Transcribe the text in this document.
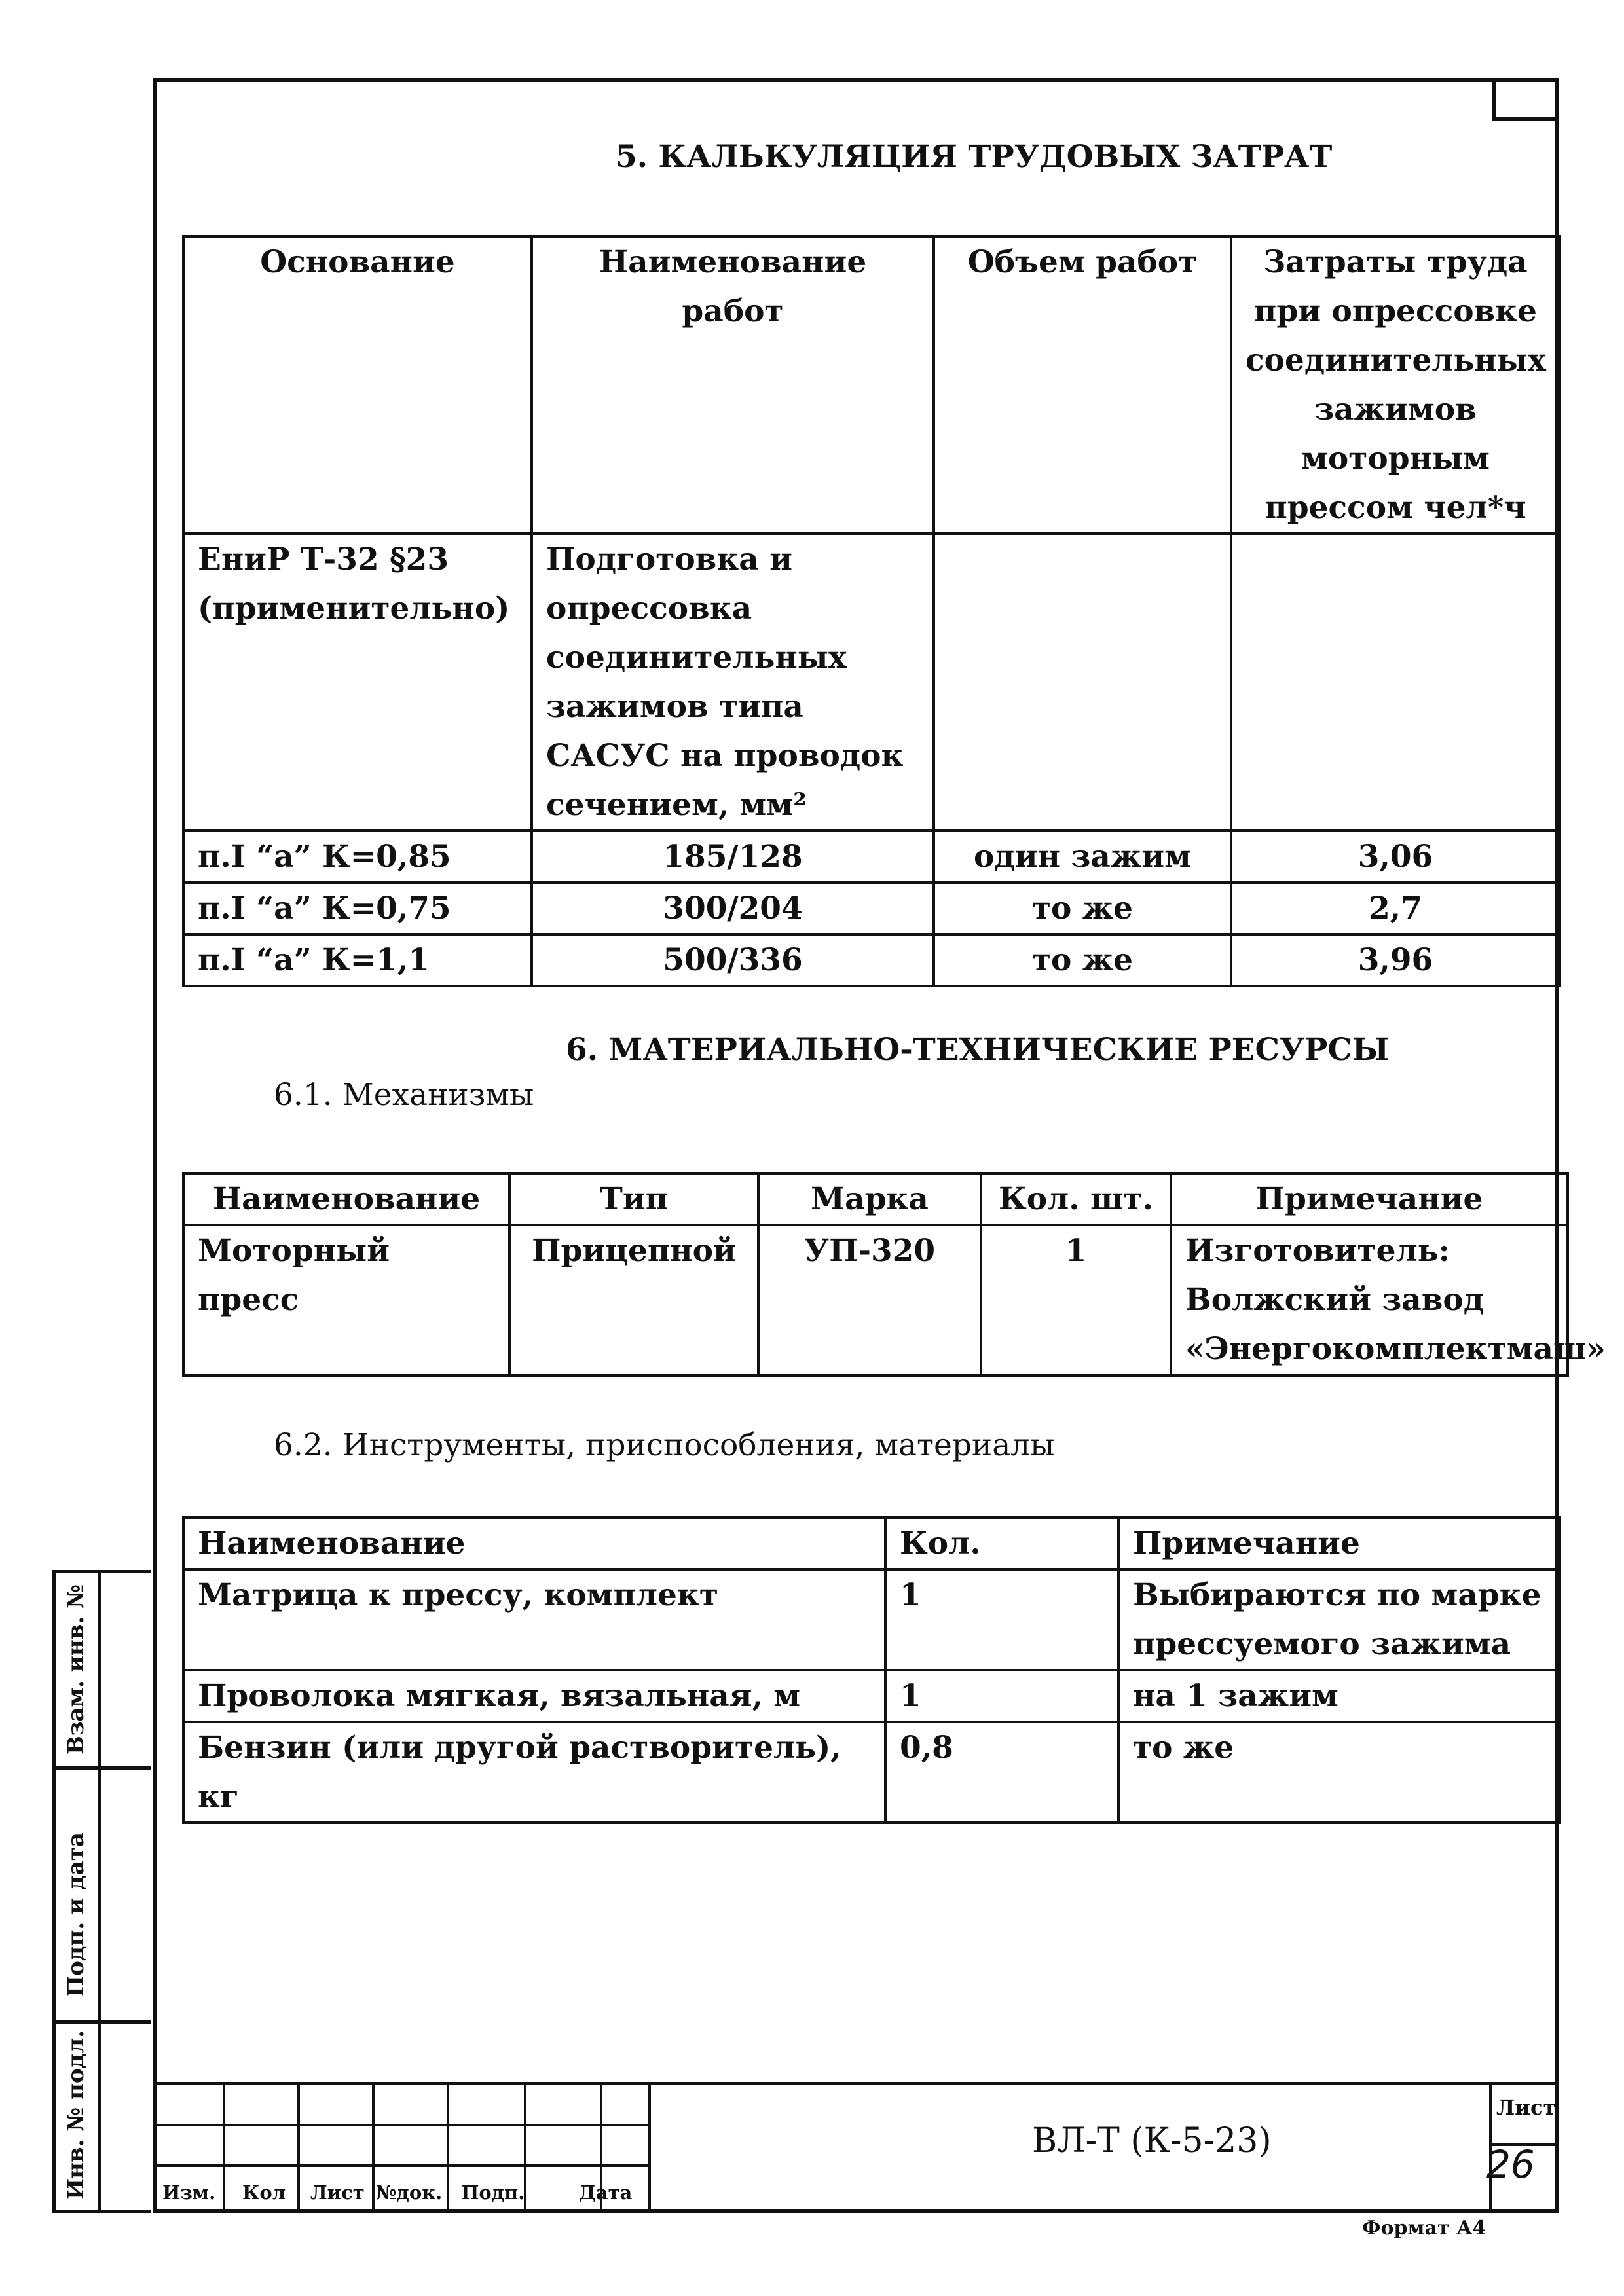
5. КАЛЬКУЛЯЦИЯ ТРУДОВЫХ ЗАТРАТ
Основание	Наименование работ	Объем работ	Затраты труда при опрессовке соединительных зажимов моторным прессом чел*ч
ЕниР Т-32 §23 (применительно)	Подготовка и опрессовка соединительных зажимов типа САСУС на проводок сечением, мм²		
п.I “а” К=0,85	185/128	один зажим	3,06
п.I “а” К=0,75	300/204	то же	2,7
п.I “а” К=1,1	500/336	то же	3,96
6. МАТЕРИАЛЬНО-ТЕХНИЧЕСКИЕ РЕСУРСЫ
6.1. Механизмы
Наименование	Тип	Марка	Кол. шт.	Примечание
Моторный пресс	Прицепной	УП-320	1	Изготовитель: Волжский завод «Энергокомплектмаш»
6.2. Инструменты, приспособления, материалы
Наименование	Кол.	Примечание
Матрица к прессу, комплект	1	Выбираются по марке прессуемого зажима
Проволока мягкая, вязальная, м	1	на 1 зажим
Бензин (или другой растворитель), кг	0,8	то же
Взам. инв. №
Подп. и дата
Инв. № подл.	Изм. Кол Лист №док. Подп.	Дата
ВЛ-Т (К-5-23)
Лист
26
Формат А4
